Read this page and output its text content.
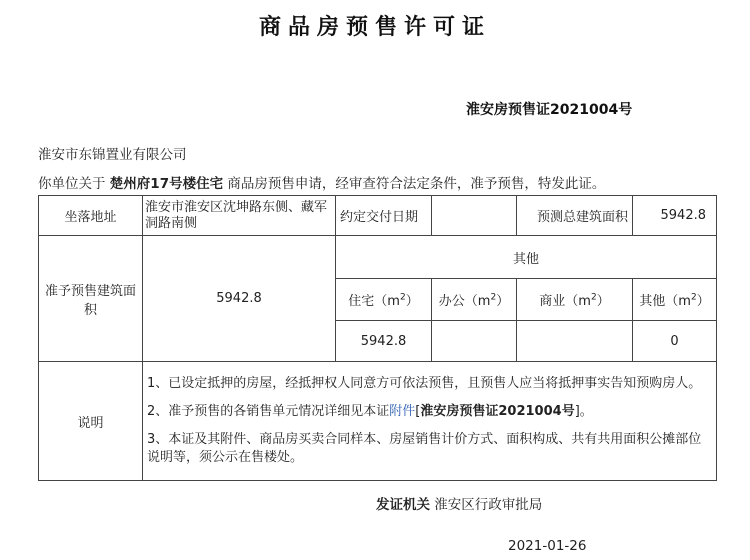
商品房预售许可证
淮安房预售证2021004号
淮安市东锦置业有限公司
你单位关于 楚州府17号楼住宅 商品房预售申请，经审查符合法定条件，准予预售，特发此证。
坐落地址	淮安市淮安区沈坤路东侧、藏军洞路南侧	约定交付日期		预测总建筑面积	5942.8
准予预售建筑面积	5942.8	其他			
		住宅$(m^2)$	办公$(m^2)$	商业$(m^2)$	其他$(m^2)$
		5942.8			0
说明	1、已设定抵押的房屋，经抵押权人同意方可依法预售，且预售人应当将抵押事实告知预购房人。

2、准予预售的各销售单元情况详细见本证附件[淮安房预售证2021004号]。

3、本证及其附件、商品房买卖合同样本、房屋销售计价方式、面积构成、共有共用面积公摊部位说明等，须公示在售楼处。				

发证机关 淮安区行政审批局
2021-01-26
